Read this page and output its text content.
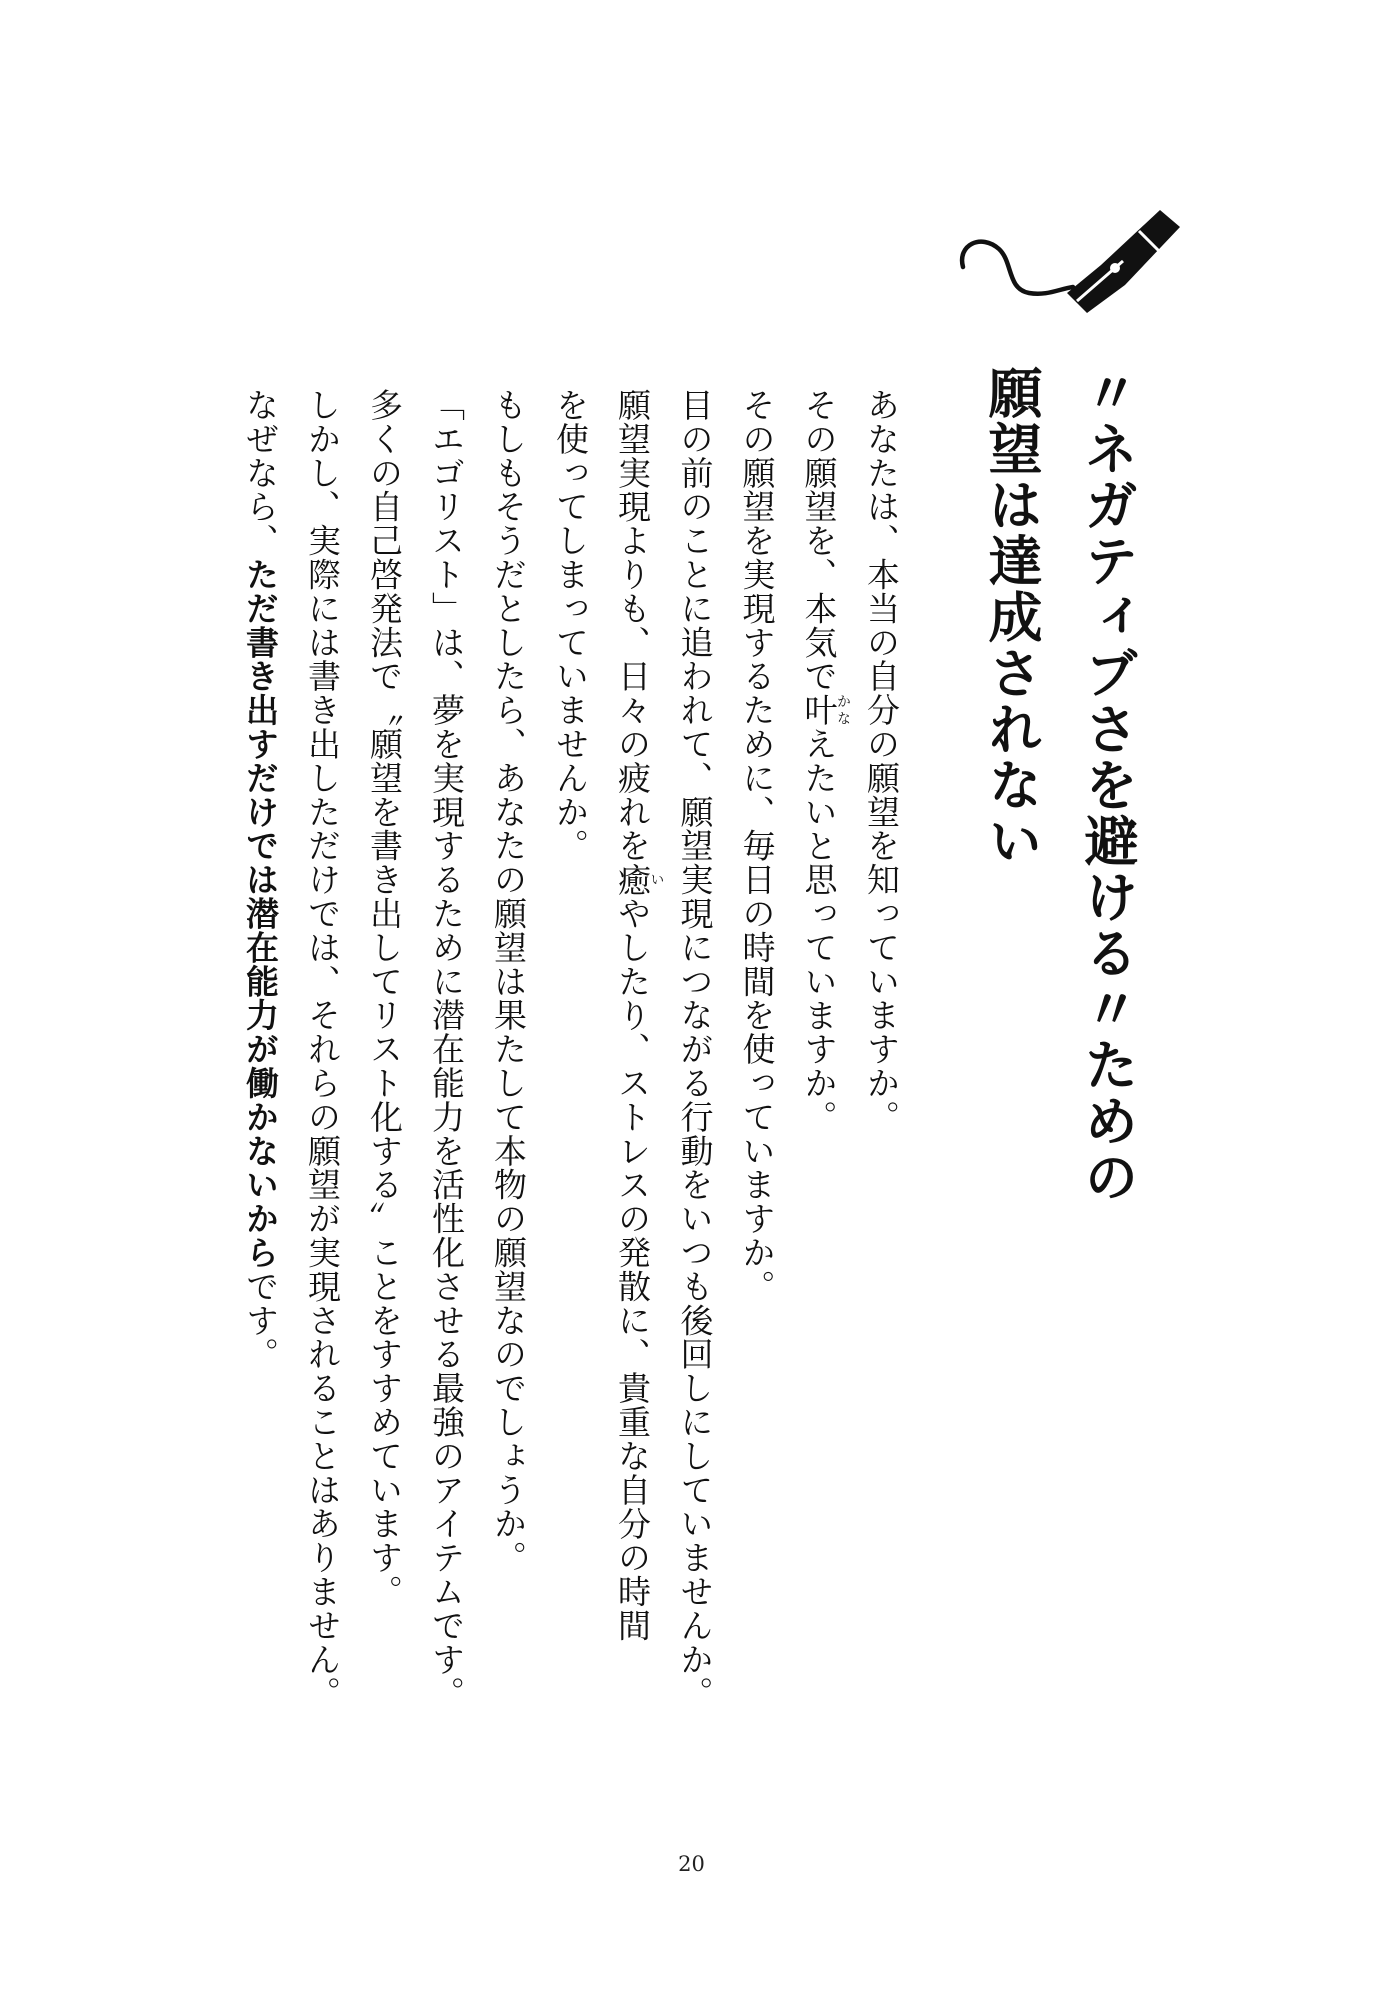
〃ネガティブさを避ける〃ための
願望は達成されない
あなたは、本当の自分の願望を知っていますか。
その願望を、本気で叶かなえたいと思っていますか。
その願望を実現するために、毎日の時間を使っていますか。
目の前のことに追われて、願望実現につながる行動をいつも後回しにしていませんか。
願望実現よりも、日々の疲れを癒いやしたり、ストレスの発散に、貴重な自分の時間
を使ってしまっていませんか。
もしもそうだとしたら、あなたの願望は果たして本物の願望なのでしょうか。
「エゴリスト」は、夢を実現するために潜在能力を活性化させる最強のアイテムです。
多くの自己啓発法で〝願望を書き出してリスト化する〟ことをすすめています。
しかし、実際には書き出しただけでは、それらの願望が実現されることはありません。
なぜなら、ただ書き出すだけでは潜在能力が働かないからです。
20
